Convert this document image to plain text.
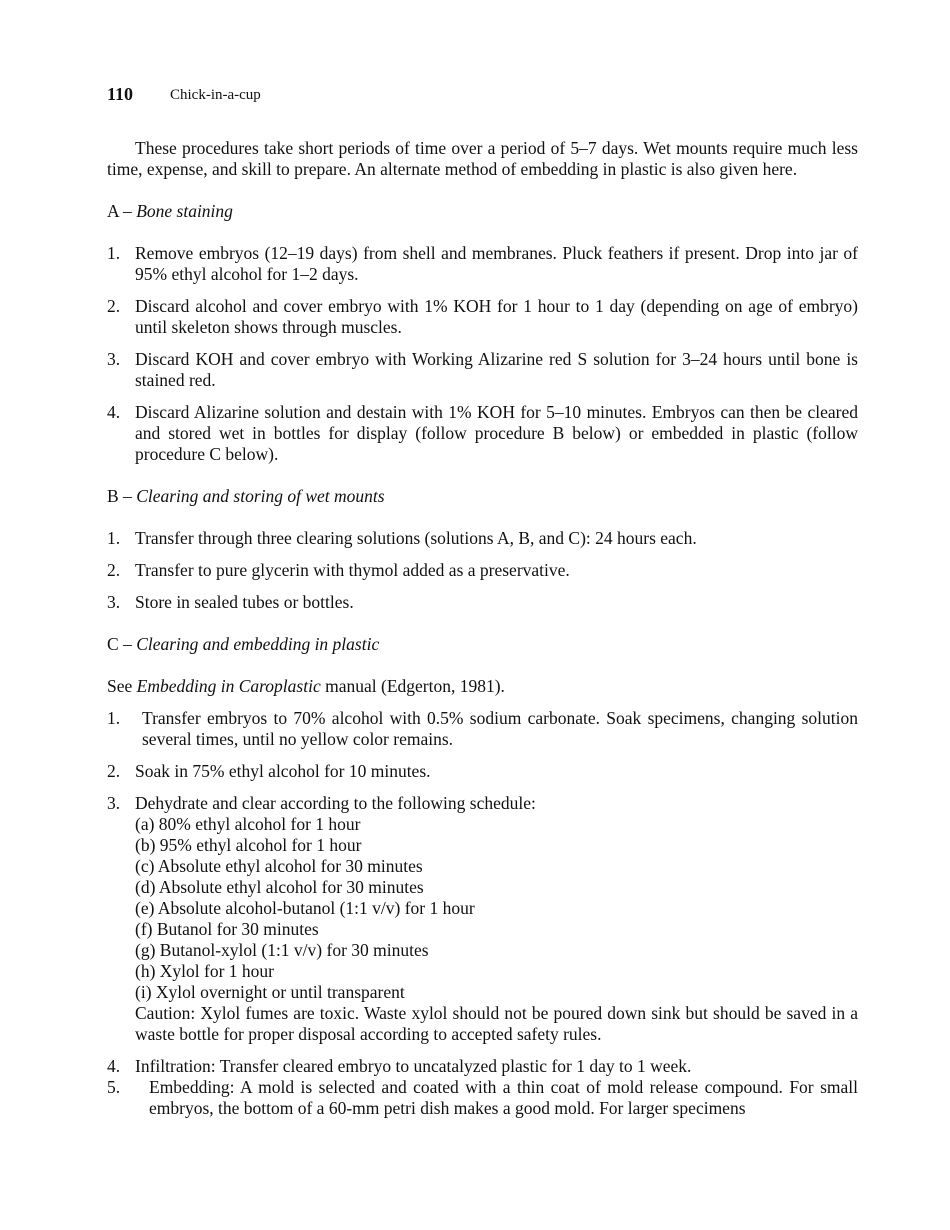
110 Chick-in-a-cup

These procedures take short periods of time over a period of 5–7 days. Wet mounts require much less time, expense, and skill to prepare. An alternate method of embedding in plastic is also given here.

A – Bone staining

1. Remove embryos (12–19 days) from shell and membranes. Pluck feathers if present. Drop into jar of 95% ethyl alcohol for 1–2 days.
2. Discard alcohol and cover embryo with 1% KOH for 1 hour to 1 day (depending on age of embryo) until skeleton shows through muscles.
3. Discard KOH and cover embryo with Working Alizarine red S solution for 3–24 hours until bone is stained red.
4. Discard Alizarine solution and destain with 1% KOH for 5–10 minutes. Embryos can then be cleared and stored wet in bottles for display (follow procedure B below) or embedded in plastic (follow procedure C below).

B – Clearing and storing of wet mounts

1. Transfer through three clearing solutions (solutions A, B, and C): 24 hours each.
2. Transfer to pure glycerin with thymol added as a preservative.
3. Store in sealed tubes or bottles.

C – Clearing and embedding in plastic

See Embedding in Caroplastic manual (Edgerton, 1981).

1. Transfer embryos to 70% alcohol with 0.5% sodium carbonate. Soak specimens, changing solution several times, until no yellow color remains.
2. Soak in 75% ethyl alcohol for 10 minutes.
3. Dehydrate and clear according to the following schedule:
(a) 80% ethyl alcohol for 1 hour
(b) 95% ethyl alcohol for 1 hour
(c) Absolute ethyl alcohol for 30 minutes
(d) Absolute ethyl alcohol for 30 minutes
(e) Absolute alcohol-butanol (1:1 v/v) for 1 hour
(f) Butanol for 30 minutes
(g) Butanol-xylol (1:1 v/v) for 30 minutes
(h) Xylol for 1 hour
(i) Xylol overnight or until transparent
Caution: Xylol fumes are toxic. Waste xylol should not be poured down sink but should be saved in a waste bottle for proper disposal according to accepted safety rules.
4. Infiltration: Transfer cleared embryo to uncatalyzed plastic for 1 day to 1 week.
5. Embedding: A mold is selected and coated with a thin coat of mold release compound. For small embryos, the bottom of a 60-mm petri dish makes a good mold. For larger specimens
